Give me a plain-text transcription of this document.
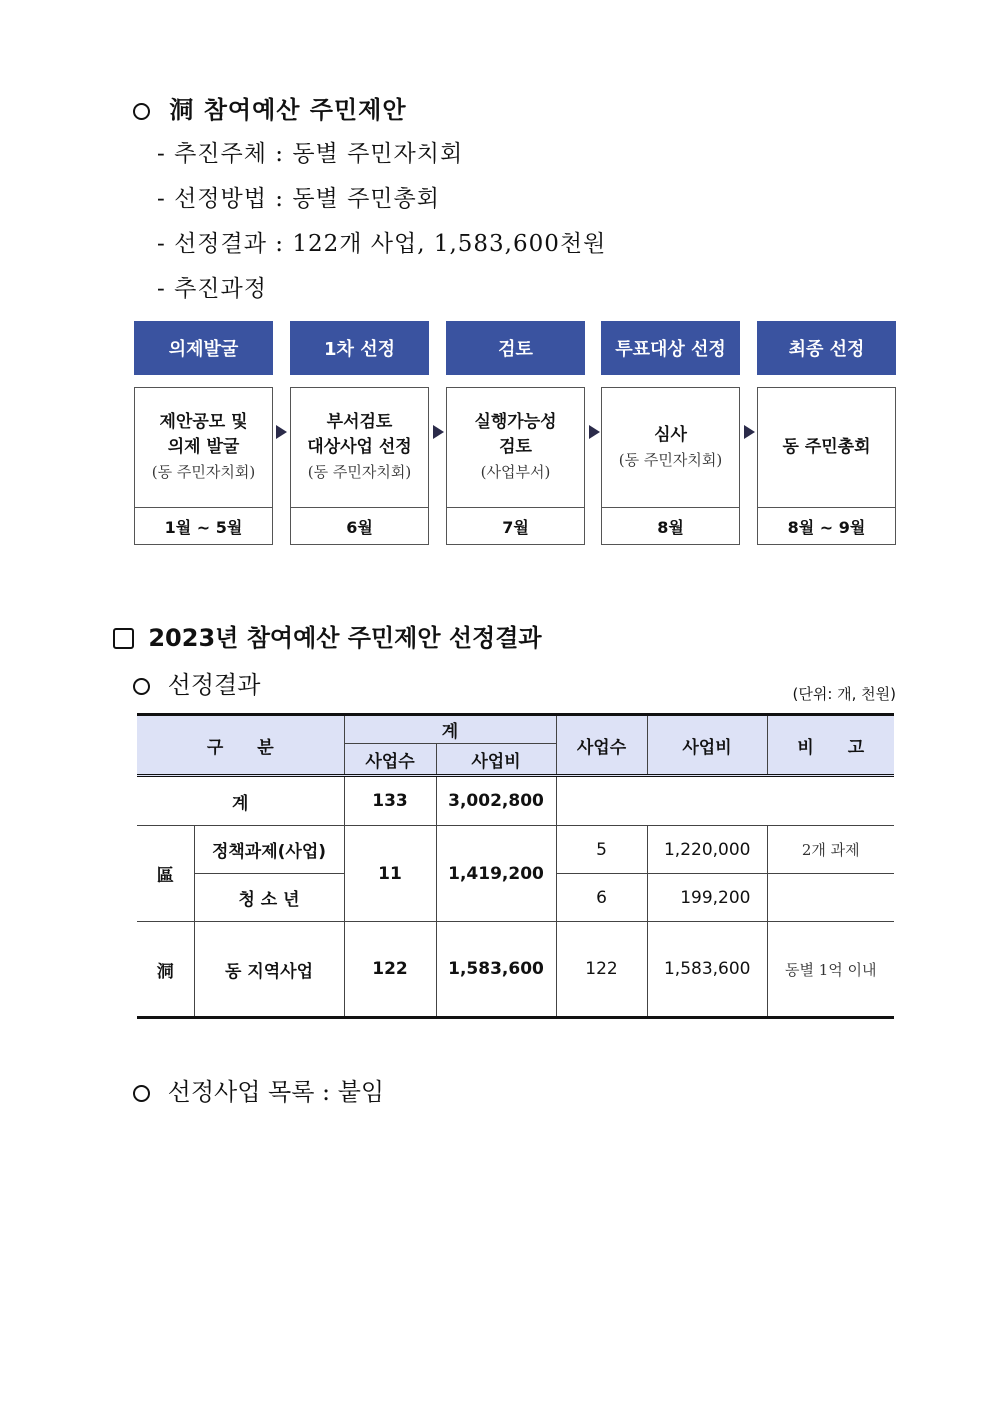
洞 참여예산 주민제안
- 추진주체 : 동별 주민자치회
- 선정방법 : 동별 주민총회
- 선정결과 : 122개 사업, 1,583,600천원
- 추진과정
의제발굴	1차 선정	검토	투표대상 선정	최종 선정
제안공모 및
의제 발굴
(동 주민자치회)
1월 ~ 5월
부서검토
대상사업 선정
(동 주민자치회)
6월
실행가능성
검토
(사업부서)
7월
심사
(동 주민자치회)
8월
동 주민총회
8월 ~ 9월
2023년 참여예산 주민제안 선정결과
선정결과	(단위: 개, 천원)
구　　분		계		사업수	사업비	비　　고
		사업수	사업비			
계		133	3,002,800			
區	정책과제(사업)	11	1,419,200	5	1,220,000	2개 과제
	청 소 년			6	199,200	
洞	동 지역사업	122	1,583,600	122	1,583,600	동별 1억 이내
선정사업 목록 : 붙임
